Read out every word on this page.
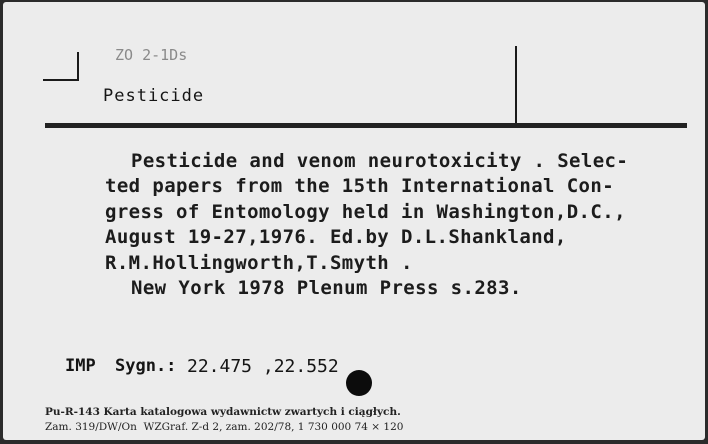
ZO 2-1Ds
Pesticide
Pesticide and venom neurotoxicity . Selec-
ted papers from the 15th International Con-
gress of Entomology held in Washington,D.C.,
August 19-27,1976. Ed.by D.L.Shankland,
R.M.Hollingworth,T.Smyth .
New York 1978 Plenum Press s.283.
IMP Sygn.: 22.475 ,22.552
Pu-R-143 Karta katalogowa wydawnictw zwartych i ciągłych.
Zam. 319/DW/On  WZGraf. Z-d 2, zam. 202/78, 1 730 000 74 × 120
